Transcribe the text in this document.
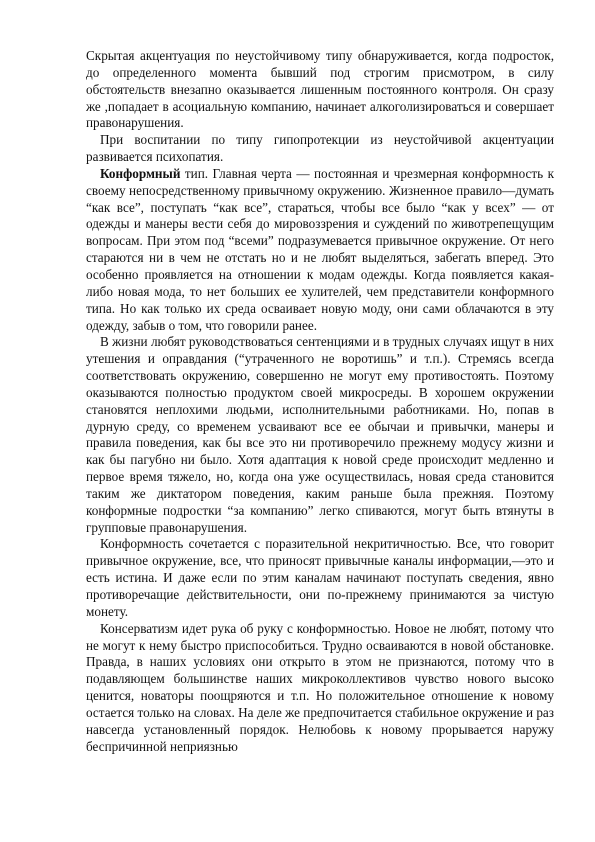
Скрытая акцентуация по неустойчивому типу обнаруживается, когда подросток, до определенного момента бывший под строгим присмотром, в силу обстоятельств внезапно оказывается лишенным постоянного контроля. Он сразу же ,попадает в асоциальную компанию, начинает алкоголизироваться и совершает правонарушения.

При воспитании по типу гипопротекции из неустойчивой акцентуации развивается психопатия.

Конформный тип. Главная черта — постоянная и чрезмерная конформность к своему непосредственному привычному окружению. Жизненное правило—думать “как все”, поступать “как все”, стараться, чтобы все было “как у всех” — от одежды и манеры вести себя до мировоззрения и суждений по животрепещущим вопросам. При этом под “всеми” подразумевается привычное окружение. От него стараются ни в чем не отстать но и не любят выделяться, забегать вперед. Это особенно проявляется на отношении к модам одежды. Когда появляется какая-либо новая мода, то нет больших ее хулителей, чем представители конформного типа. Но как только их среда осваивает новую моду, они сами облачаются в эту одежду, забыв о том, что говорили ранее.

В жизни любят руководствоваться сентенциями и в трудных случаях ищут в них утешения и оправдания (“утраченного не воротишь” и т.п.). Стремясь всегда соответствовать окружению, совершенно не могут ему противостоять. Поэтому оказываются полностью продуктом своей микросреды. В хорошем окружении становятся неплохими людьми, исполнительными работниками. Но, попав в дурную среду, со временем усваивают все ее обычаи и привычки, манеры и правила поведения, как бы все это ни противоречило прежнему модусу жизни и как бы пагубно ни было. Хотя адаптация к новой среде происходит медленно и первое время тяжело, но, когда она уже осуществилась, новая среда становится таким же диктатором поведения, каким раньше была прежняя. Поэтому конформные подростки “за компанию” легко спиваются, могут быть втянуты в групповые правонарушения.

Конформность сочетается с поразительной некритичностью. Все, что говорит привычное окружение, все, что приносят привычные каналы информации,—это и есть истина. И даже если по этим каналам начинают поступать сведения, явно противоречащие действительности, они по-прежнему принимаются за чистую монету.

Консерватизм идет рука об руку с конформностью. Новое не любят, потому что не могут к нему быстро приспособиться. Трудно осваиваются в новой обстановке. Правда, в наших условиях они открыто в этом не признаются, потому что в подавляющем большинстве наших микроколлективов чувство нового высоко ценится, новаторы поощряются и т.п. Но положительное отношение к новому остается только на словах. На деле же предпочитается стабильное окружение и раз навсегда установленный порядок. Нелюбовь к новому прорывается наружу беспричинной неприязнью
